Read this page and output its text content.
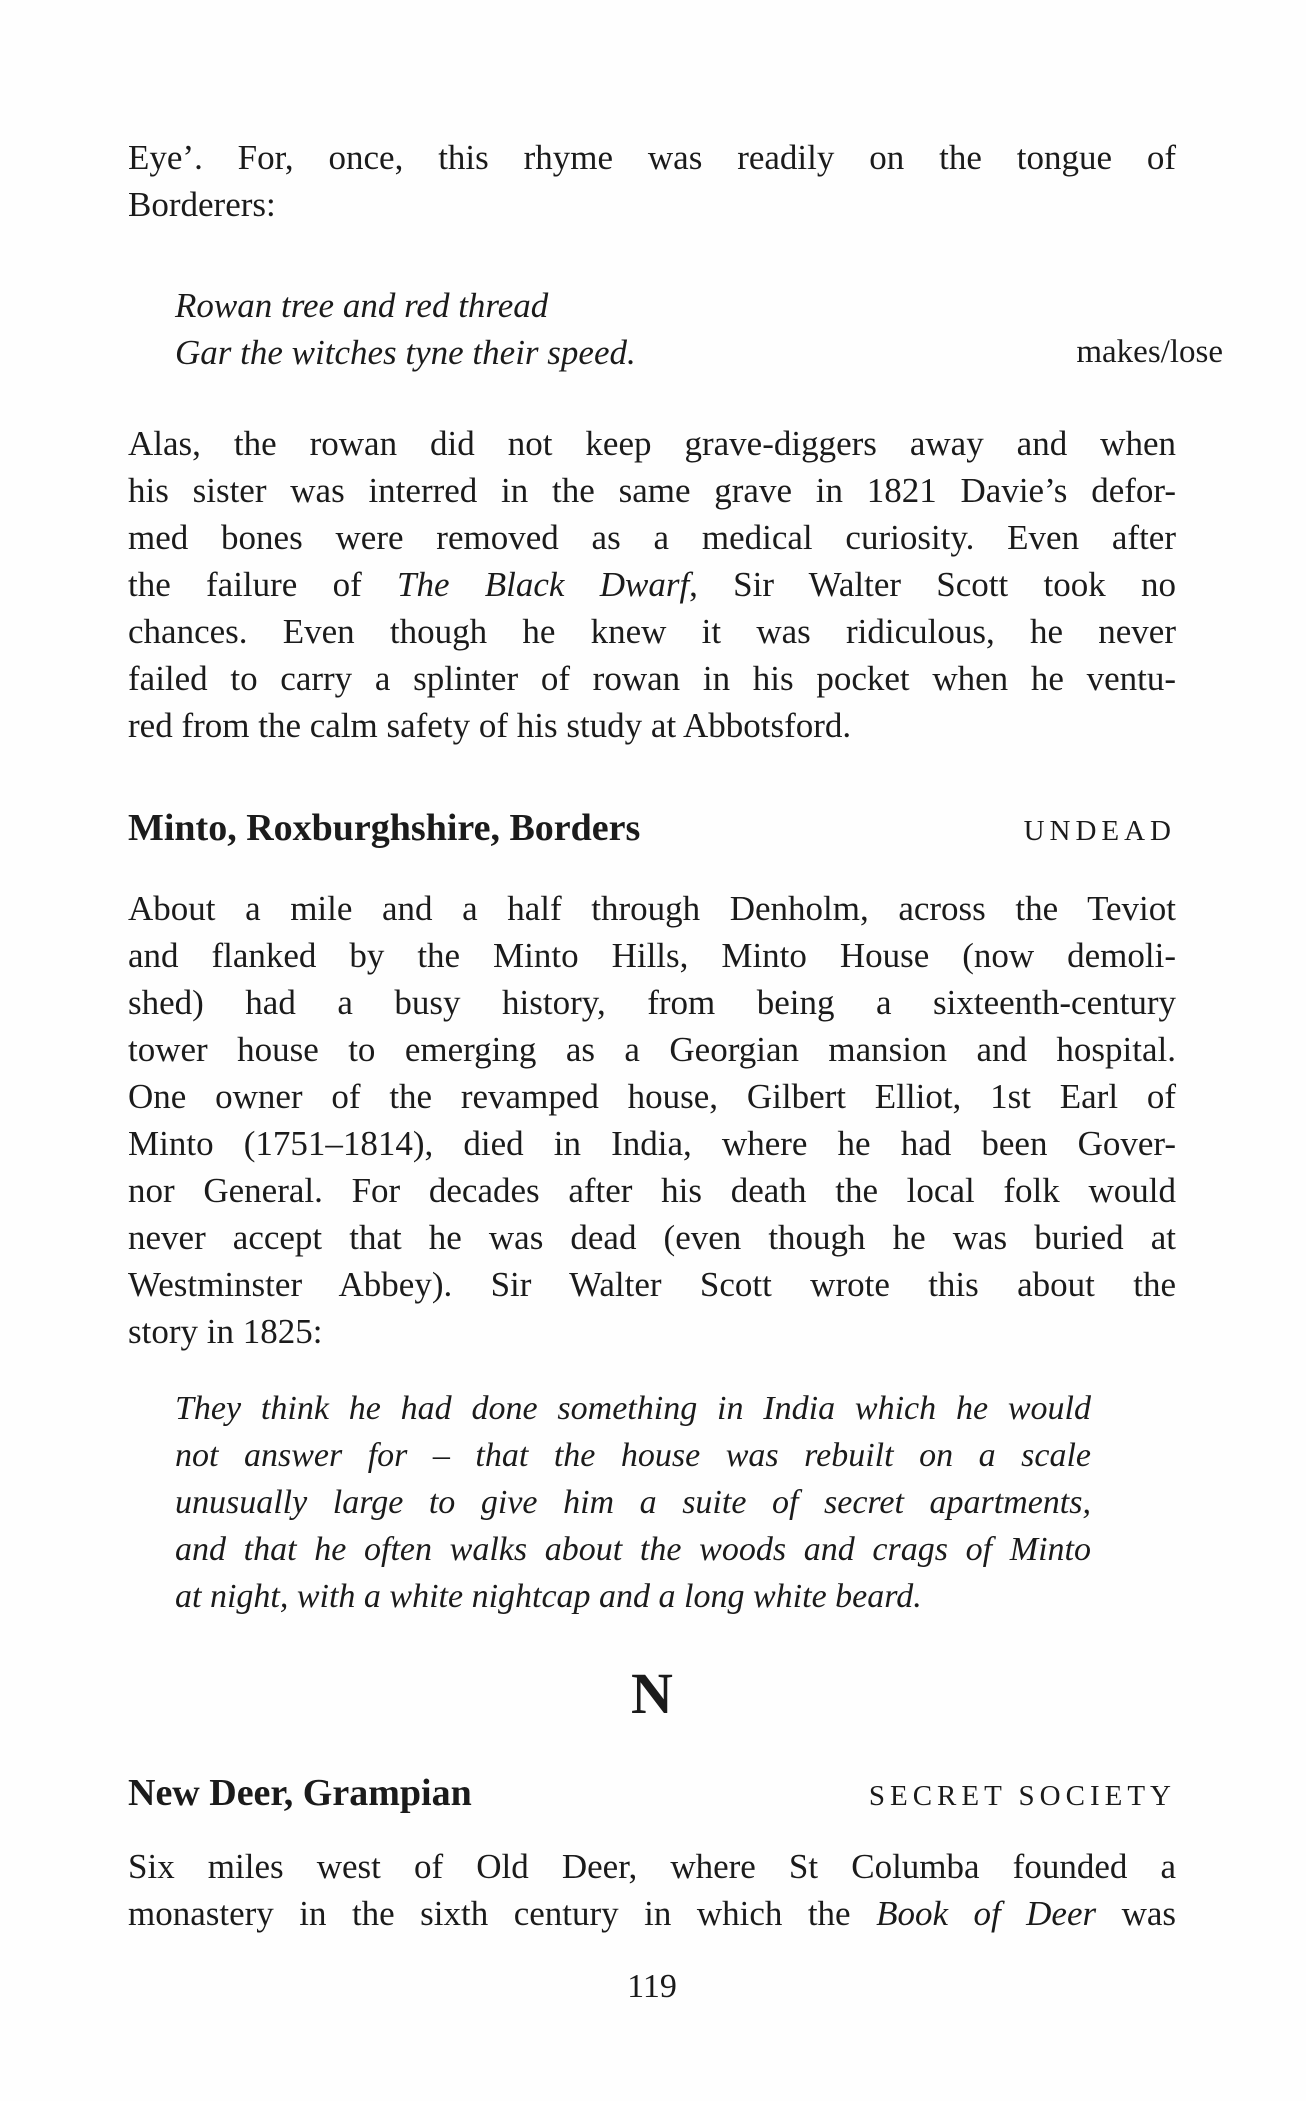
Eye’. For, once, this rhyme was readily on the tongue of
Borderers:
Rowan tree and red thread
Gar the witches tyne their speed.	makes/lose
Alas, the rowan did not keep grave-diggers away and when
his sister was interred in the same grave in 1821 Davie’s defor-
med bones were removed as a medical curiosity. Even after
the failure of The Black Dwarf, Sir Walter Scott took no
chances. Even though he knew it was ridiculous, he never
failed to carry a splinter of rowan in his pocket when he ventu-
red from the calm safety of his study at Abbotsford.
Minto, Roxburghshire, Borders	UNDEAD
About a mile and a half through Denholm, across the Teviot
and flanked by the Minto Hills, Minto House (now demoli-
shed) had a busy history, from being a sixteenth-century
tower house to emerging as a Georgian mansion and hospital.
One owner of the revamped house, Gilbert Elliot, 1st Earl of
Minto (1751–1814), died in India, where he had been Gover-
nor General. For decades after his death the local folk would
never accept that he was dead (even though he was buried at
Westminster Abbey). Sir Walter Scott wrote this about the
story in 1825:
They think he had done something in India which he would
not answer for – that the house was rebuilt on a scale
unusually large to give him a suite of secret apartments,
and that he often walks about the woods and crags of Minto
at night, with a white nightcap and a long white beard.
N
New Deer, Grampian	SECRET SOCIETY
Six miles west of Old Deer, where St Columba founded a
monastery in the sixth century in which the Book of Deer was
119
